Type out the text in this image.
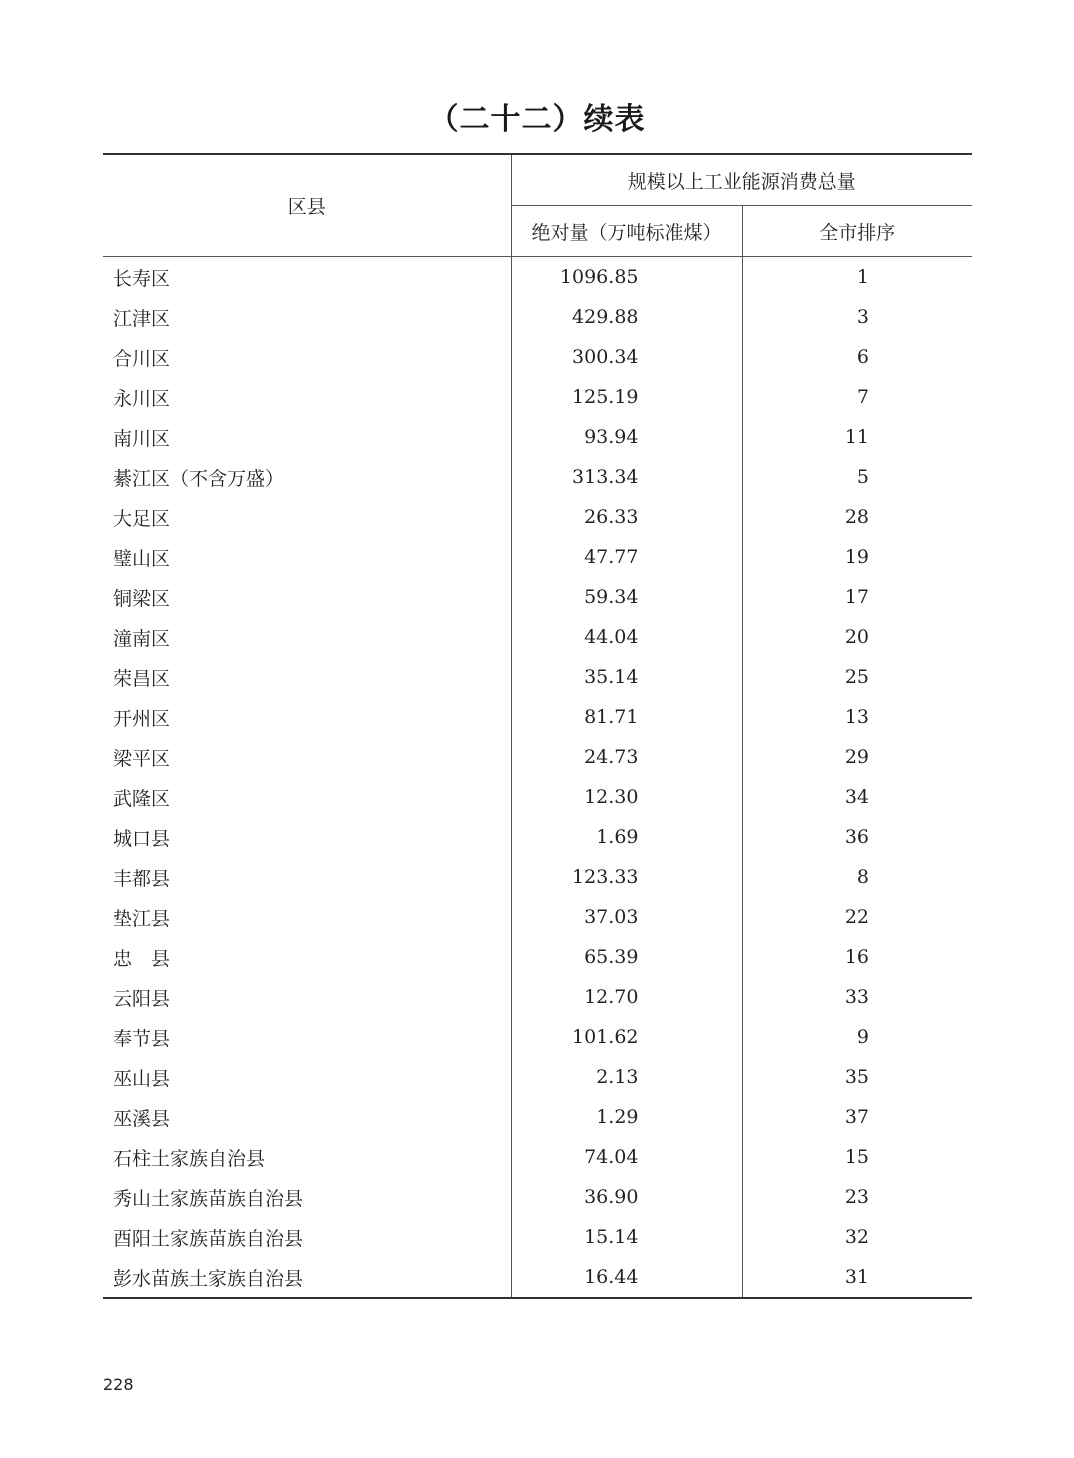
（二十二）续表
区县	规模以上工业能源消费总量	
	绝对量（万吨标准煤）	全市排序
长寿区	1096.85	1
江津区	429.88	3
合川区	300.34	6
永川区	125.19	7
南川区	93.94	11
綦江区（不含万盛）	313.34	5
大足区	26.33	28
璧山区	47.77	19
铜梁区	59.34	17
潼南区	44.04	20
荣昌区	35.14	25
开州区	81.71	13
梁平区	24.73	29
武隆区	12.30	34
城口县	1.69	36
丰都县	123.33	8
垫江县	37.03	22
忠　县	65.39	16
云阳县	12.70	33
奉节县	101.62	9
巫山县	2.13	35
巫溪县	1.29	37
石柱土家族自治县	74.04	15
秀山土家族苗族自治县	36.90	23
酉阳土家族苗族自治县	15.14	32
彭水苗族土家族自治县	16.44	31
228
